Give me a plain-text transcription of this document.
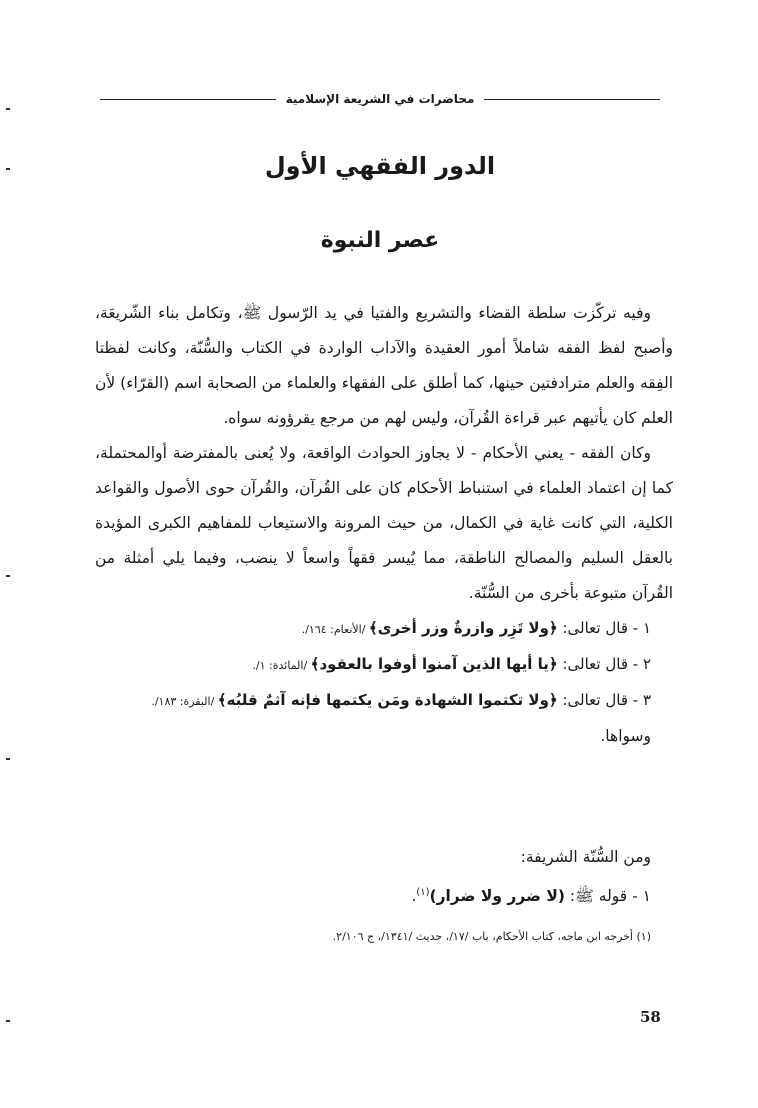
محاضرات في الشريعة الإسلامية
الدور الفقهي الأول
عصر النبوة

وفيه تركّزت سلطة القضاء والتشريع والفتيا في يد الرّسول ﷺ، وتكامل بناء الشّريعَة، وأصبح لفظ الفقه شاملاً أمور العقيدة والآداب الواردة في الكتاب والسُّنّة، وكانت لفظتا الفِقه والعلم مترادفتين حينها، كما أطلق على الفقهاء والعلماء من الصحابة اسم (القرّاء) لأن العلم كان يأتيهم عبر قراءة القُرآن، وليس لهم من مرجع يقرؤونه سواه.

وكان الفقه - يعني الأحكام - لا يجاوز الحوادث الواقعة، ولا يُعنى بالمفترضة أوالمحتملة، كما إن اعتماد العلماء في استنباط الأحكام كان على القُرآن، والقُرآن حوى الأصول والقواعد الكلية، التي كانت غاية في الكمال، من حيث المرونة والاستيعاب للمفاهيم الكبرى المؤيدة بالعقل السليم والمصالح الناطقة، مما يُيسر فقهاً واسعاً لا ينضب، وفيما يلي أمثلة من القُرآن متبوعة بأخرى من السُّنّة.

١ - قال تعالى: ﴿ولا تَزِر وازرةٌ وزر أخرى﴾ /الأنعام: ١٦٤/.
٢ - قال تعالى: ﴿يا أيها الذين آمنوا أوفوا بالعقود﴾ /المائدة: ١/.
٣ - قال تعالى: ﴿ولا تكتموا الشهادة ومَن يكتمها فإنه آثمٌ قلبُه﴾ /البقرة: ١٨٣/.

وسواها.

ومن السُّنّة الشريفة:

١ - قوله ﷺ: (لا ضرر ولا ضرار)$^{(١)}$.

(١) أخرجه ابن ماجه، كتاب الأحكام، باب /١٧/، حديث /١٣٤١/، ج ٢/١٠٦.
58
